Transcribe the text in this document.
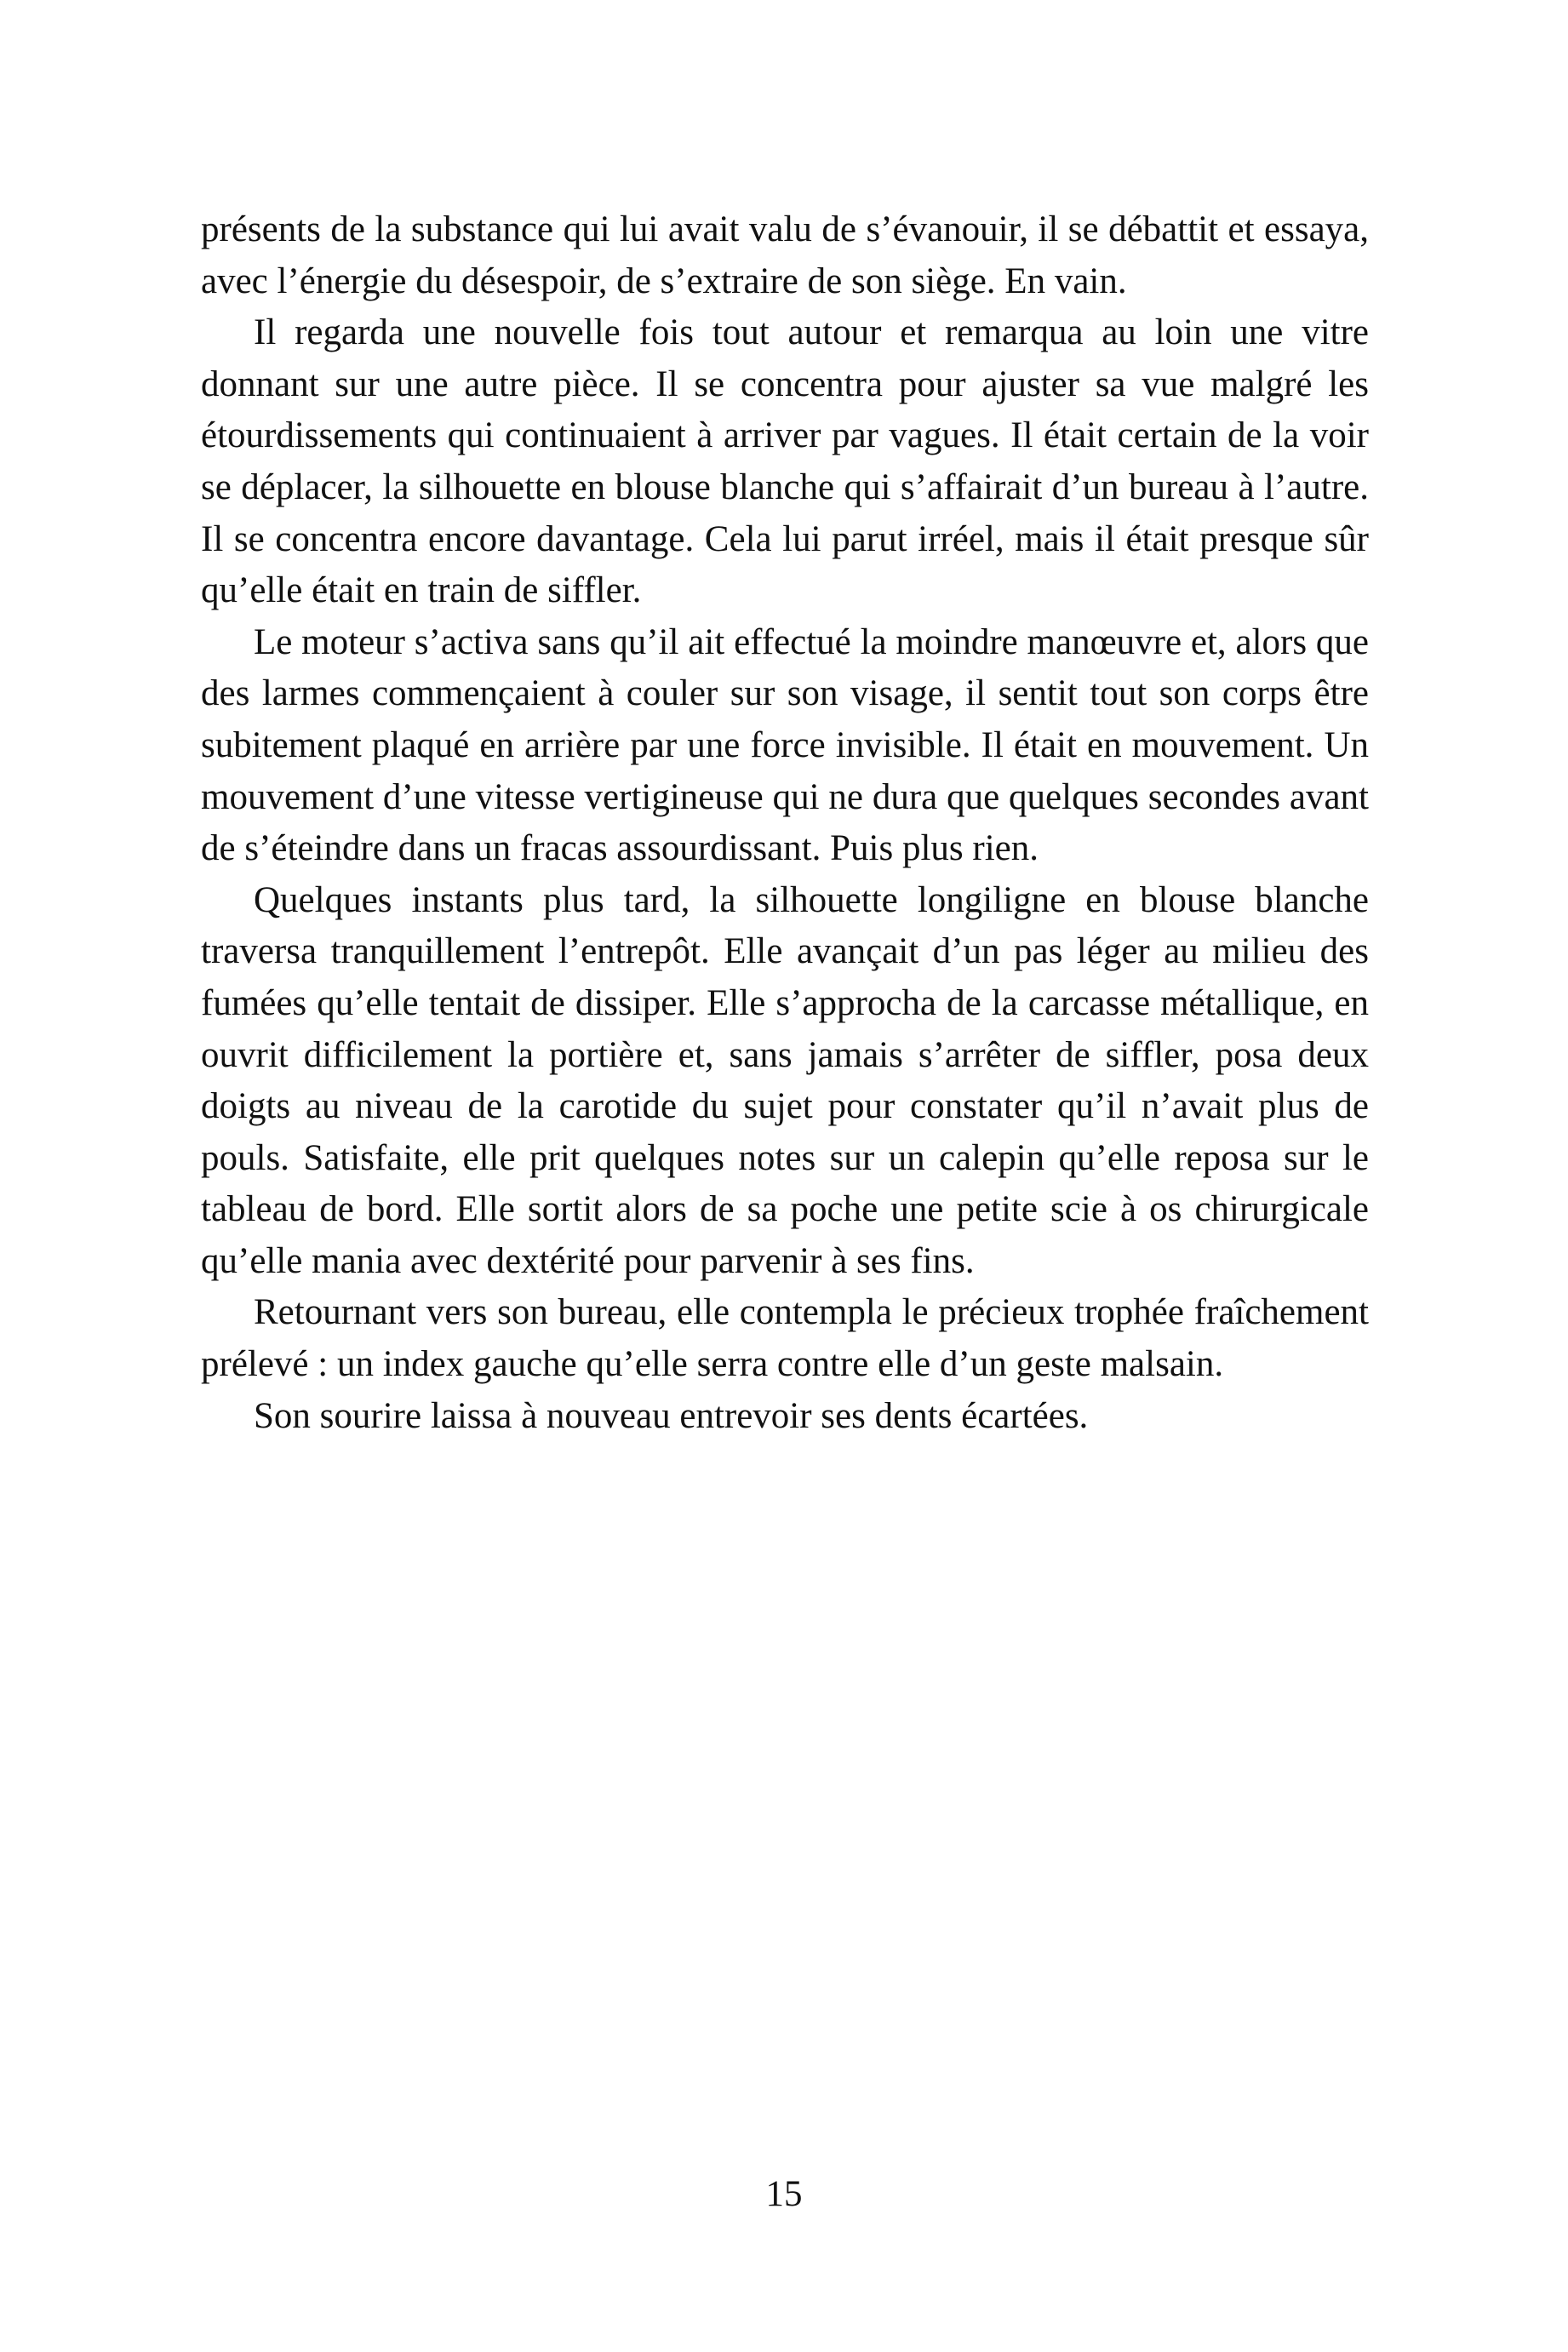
présents de la substance qui lui avait valu de s’évanouir, il se débattit et essaya, avec l’énergie du désespoir, de s’extraire de son siège. En vain.

Il regarda une nouvelle fois tout autour et remarqua au loin une vitre donnant sur une autre pièce. Il se concentra pour ajuster sa vue malgré les étourdissements qui continuaient à arriver par vagues. Il était certain de la voir se déplacer, la silhouette en blouse blanche qui s’affairait d’un bureau à l’autre. Il se concentra encore davantage. Cela lui parut irréel, mais il était presque sûr qu’elle était en train de siffler.

Le moteur s’activa sans qu’il ait effectué la moindre manœuvre et, alors que des larmes commençaient à couler sur son visage, il sentit tout son corps être subitement plaqué en arrière par une force invisible. Il était en mouvement. Un mouvement d’une vitesse vertigineuse qui ne dura que quelques secondes avant de s’éteindre dans un fracas assourdissant. Puis plus rien.

Quelques instants plus tard, la silhouette longiligne en blouse blanche traversa tranquillement l’entrepôt. Elle avançait d’un pas léger au milieu des fumées qu’elle tentait de dissiper. Elle s’approcha de la carcasse métallique, en ouvrit difficilement la portière et, sans jamais s’arrêter de siffler, posa deux doigts au niveau de la carotide du sujet pour constater qu’il n’avait plus de pouls. Satisfaite, elle prit quelques notes sur un calepin qu’elle reposa sur le tableau de bord. Elle sortit alors de sa poche une petite scie à os chirurgicale qu’elle mania avec dextérité pour parvenir à ses fins.

Retournant vers son bureau, elle contempla le précieux trophée fraîchement prélevé : un index gauche qu’elle serra contre elle d’un geste malsain.

Son sourire laissa à nouveau entrevoir ses dents écartées.

15
